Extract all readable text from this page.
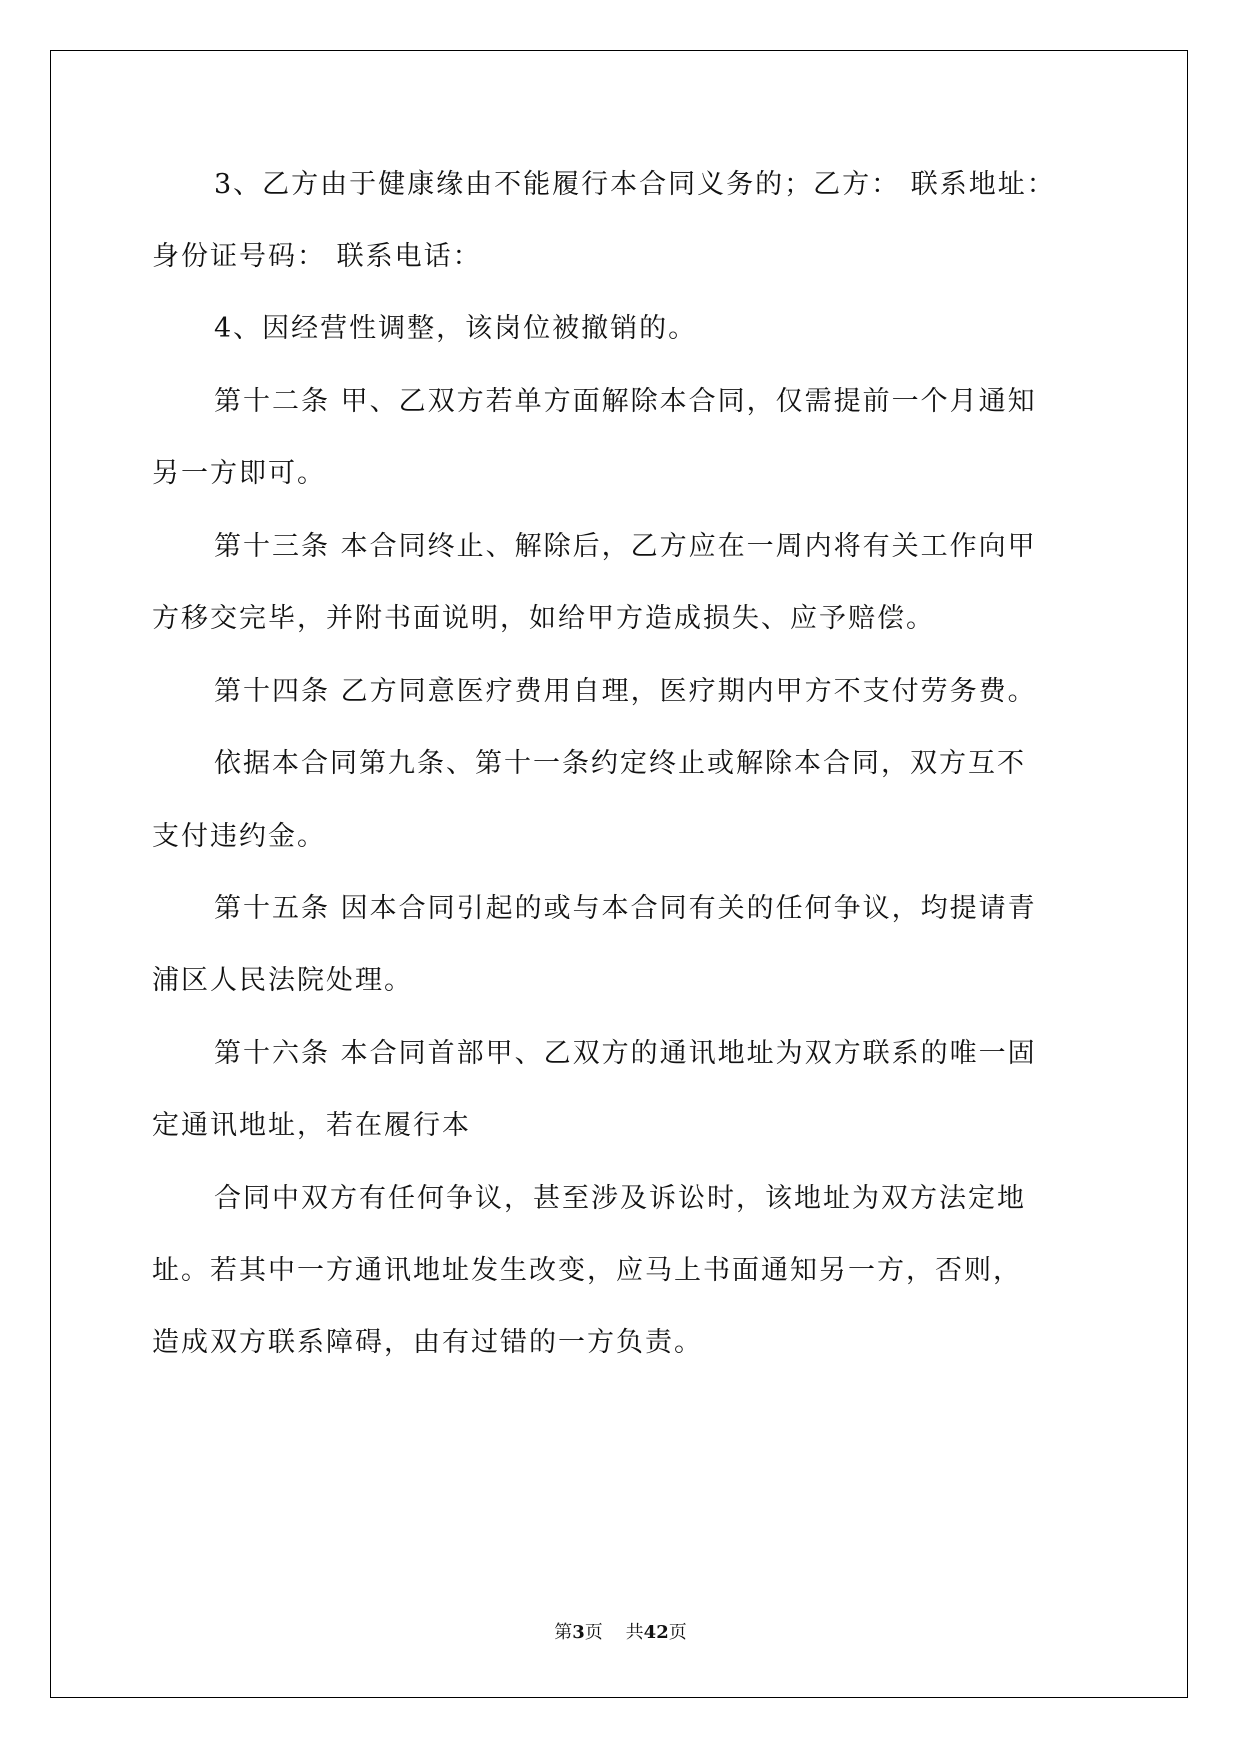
3、乙方由于健康缘由不能履行本合同义务的；乙方： 联系地址：
身份证号码： 联系电话：
4、因经营性调整，该岗位被撤销的。
第十二条 甲、乙双方若单方面解除本合同，仅需提前一个月通知
另一方即可。
第十三条 本合同终止、解除后，乙方应在一周内将有关工作向甲
方移交完毕，并附书面说明，如给甲方造成损失、应予赔偿。
第十四条 乙方同意医疗费用自理，医疗期内甲方不支付劳务费。
依据本合同第九条、第十一条约定终止或解除本合同，双方互不
支付违约金。
第十五条 因本合同引起的或与本合同有关的任何争议，均提请青
浦区人民法院处理。
第十六条 本合同首部甲、乙双方的通讯地址为双方联系的唯一固
定通讯地址，若在履行本
合同中双方有任何争议，甚至涉及诉讼时，该地址为双方法定地
址。若其中一方通讯地址发生改变，应马上书面通知另一方，否则，
造成双方联系障碍，由有过错的一方负责。
第3页 共42页
